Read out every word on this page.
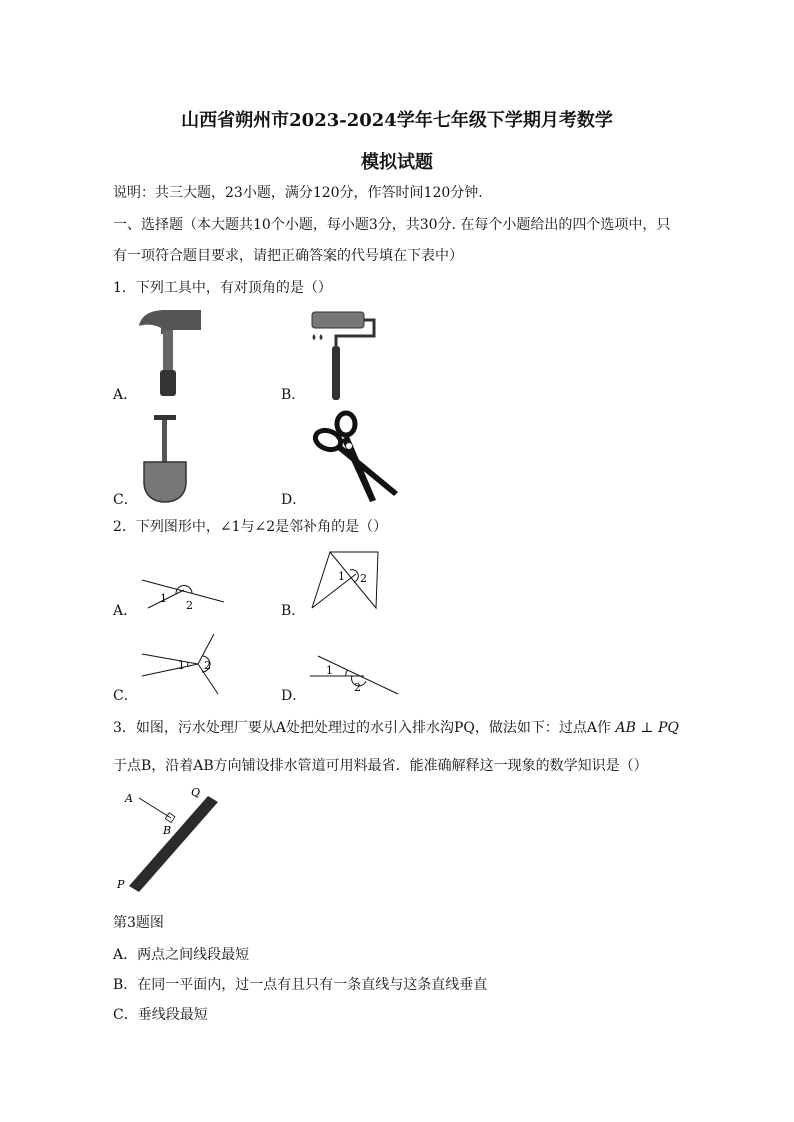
山西省朔州市2023-2024学年七年级下学期月考数学
模拟试题
说明：共三大题，23小题，满分120分，作答时间120分钟.
一、选择题（本大题共10个小题，每小题3分，共30分. 在每个小题给出的四个选项中，只
有一项符合题目要求，请把正确答案的代号填在下表中）
1．下列工具中，有对顶角的是（）
A．	B．
C．	D．
2．下列图形中，∠1与∠2是邻补角的是（）
1
2
A．
1 2
B．
1 2
C．
1
2
D．
3．如图，污水处理厂要从A处把处理过的水引入排水沟PQ，做法如下：过点A作 AB ⊥ PQ
于点B，沿着AB方向铺设排水管道可用料最省．能准确解释这一现象的数学知识是（）
A	Q
B
P
第3题图
A．两点之间线段最短
B．在同一平面内，过一点有且只有一条直线与这条直线垂直
C．垂线段最短
